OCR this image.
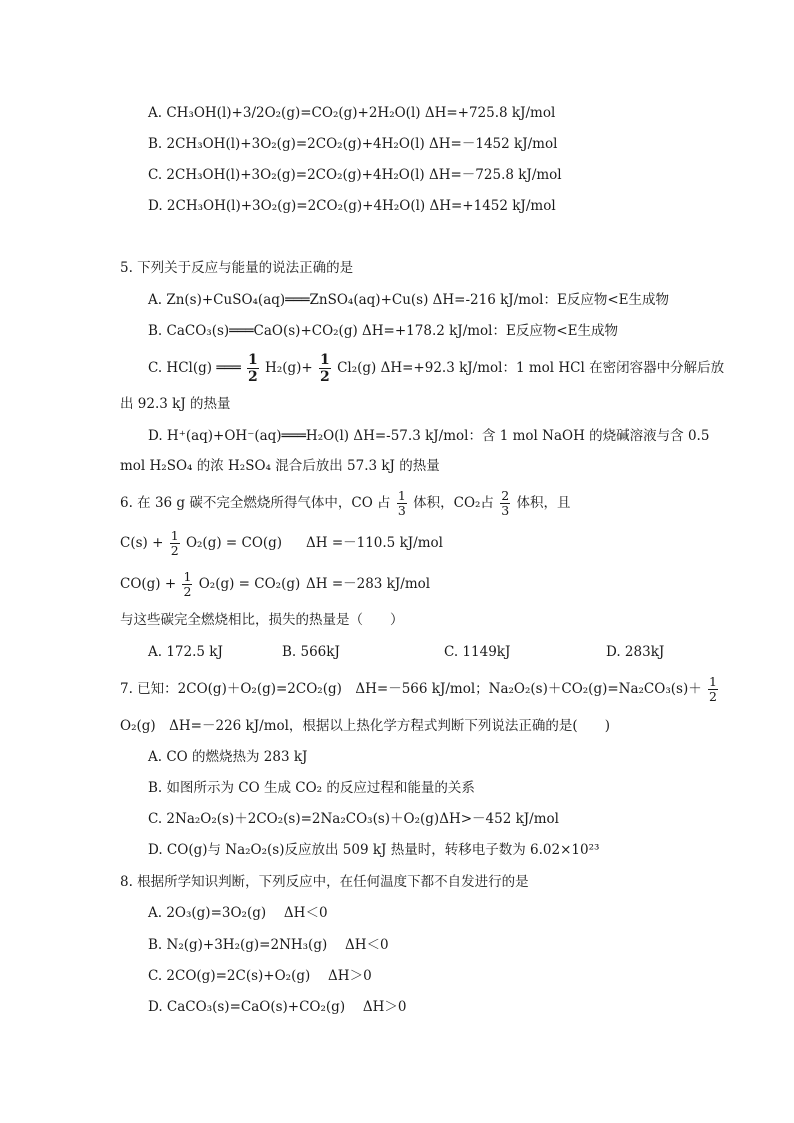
A. CH₃OH(l)+3/2O₂(g)=CO₂(g)+2H₂O(l) ΔH=+725.8 kJ/mol
B. 2CH₃OH(l)+3O₂(g)=2CO₂(g)+4H₂O(l) ΔH=－1452 kJ/mol
C. 2CH₃OH(l)+3O₂(g)=2CO₂(g)+4H₂O(l) ΔH=－725.8 kJ/mol
D. 2CH₃OH(l)+3O₂(g)=2CO₂(g)+4H₂O(l) ΔH=+1452 kJ/mol
5. 下列关于反应与能量的说法正确的是
A. Zn(s)+CuSO₄(aq)═══ZnSO₄(aq)+Cu(s) ΔH=-216 kJ/mol：E反应物<E生成物
B. CaCO₃(s)═══CaO(s)+CO₂(g) ΔH=+178.2 kJ/mol：E反应物<E生成物
C. HCl(g) ═══ $\frac{1}{2} H_2(g)+ \frac{1}{2} Cl_2(g)$ ΔH=+92.3 kJ/mol：1 mol HCl 在密闭容器中分解后放
出 92.3 kJ 的热量
D. H⁺(aq)+OH⁻(aq)═══H₂O(l) ΔH=-57.3 kJ/mol：含 1 mol NaOH 的烧碱溶液与含 0.5
mol H₂SO₄ 的浓 H₂SO₄ 混合后放出 57.3 kJ 的热量
6. 在 36 g 碳不完全燃烧所得气体中，CO 占 $\frac{1}{3}$ 体积，CO₂占 $\frac{2}{3}$ 体积，且
$C(s) + \frac{1}{2} O_2(g) = CO(g)$ ΔH =－110.5 kJ/mol
$CO(g) + \frac{1}{2} O_2(g) = CO_2(g)$ ΔH =－283 kJ/mol
与这些碳完全燃烧相比，损失的热量是（　　）
A. 172.5 kJ	B. 566kJ	C. 1149kJ	D. 283kJ
7. 已知：2CO(g)＋O₂(g)=2CO₂(g)　ΔH=－566 kJ/mol；$Na_2O_2(s)+CO_2(g)=Na_2CO_3(s)+ \frac{1}{2}$
O₂(g)　ΔH=－226 kJ/mol，根据以上热化学方程式判断下列说法正确的是(　　)
A. CO 的燃烧热为 283 kJ
B. 如图所示为 CO 生成 CO₂ 的反应过程和能量的关系
C. 2Na₂O₂(s)＋2CO₂(s)=2Na₂CO₃(s)＋O₂(g)ΔH>－452 kJ/mol
D. CO(g)与 Na₂O₂(s)反应放出 509 kJ 热量时，转移电子数为 6.02×10²³
8. 根据所学知识判断，下列反应中，在任何温度下都不自发进行的是
A. 2O₃(g)=3O₂(g)　 ΔH＜0
B. N₂(g)+3H₂(g)=2NH₃(g)　 ΔH＜0
C. 2CO(g)=2C(s)+O₂(g)　 ΔH＞0
D. CaCO₃(s)=CaO(s)+CO₂(g)　 ΔH＞0
